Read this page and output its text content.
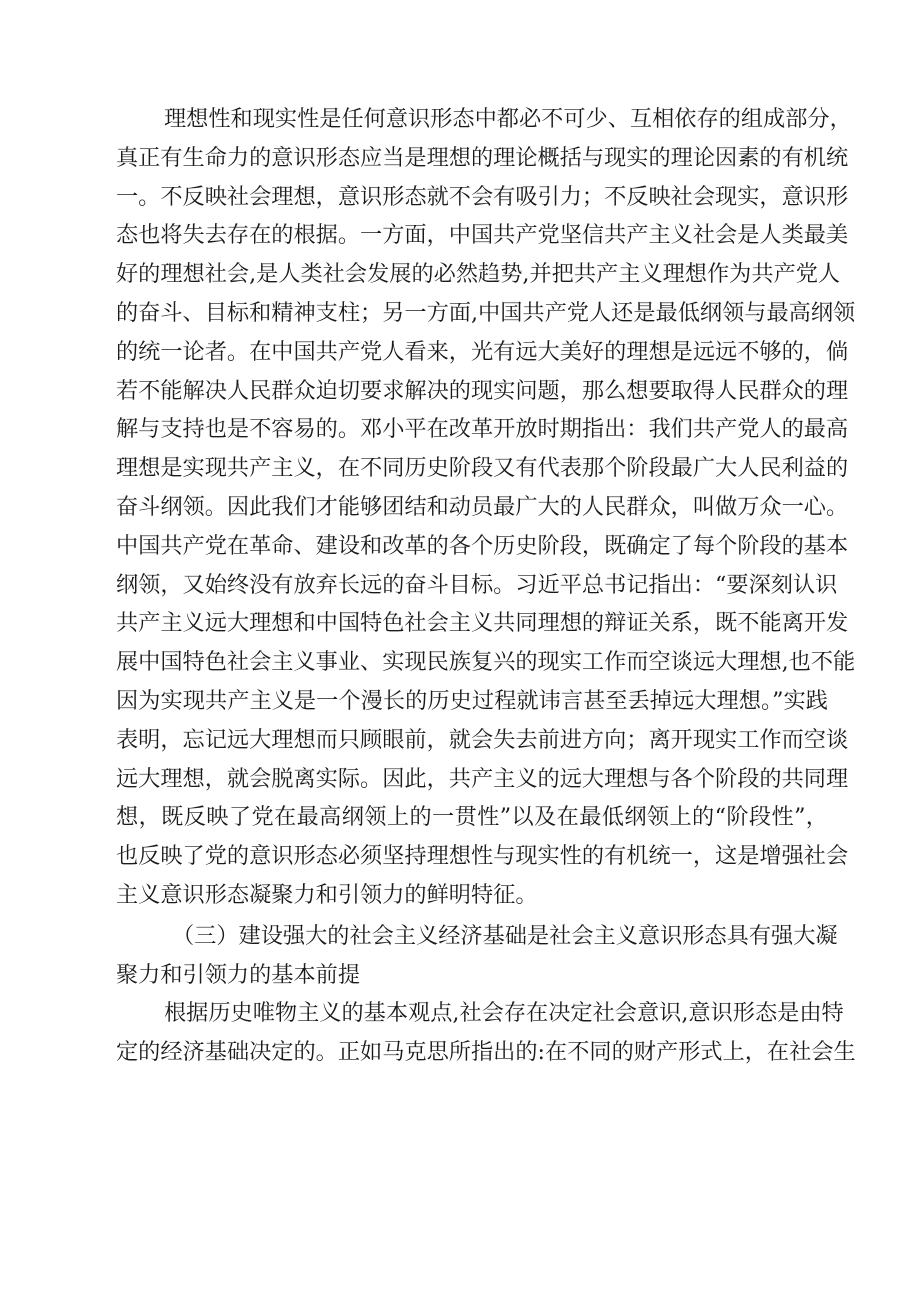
理想性和现实性是任何意识形态中都必不可少、互相依存的组成部分，
真正有生命力的意识形态应当是理想的理论概括与现实的理论因素的有机统
一。不反映社会理想，意识形态就不会有吸引力；不反映社会现实，意识形
态也将失去存在的根据。一方面，中国共产党坚信共产主义社会是人类最美
好的理想社会,是人类社会发展的必然趋势,并把共产主义理想作为共产党人
的奋斗、目标和精神支柱；另一方面,中国共产党人还是最低纲领与最高纲领
的统一论者。在中国共产党人看来，光有远大美好的理想是远远不够的，倘
若不能解决人民群众迫切要求解决的现实问题，那么想要取得人民群众的理
解与支持也是不容易的。邓小平在改革开放时期指出：我们共产党人的最高
理想是实现共产主义，在不同历史阶段又有代表那个阶段最广大人民利益的
奋斗纲领。因此我们才能够团结和动员最广大的人民群众，叫做万众一心。
中国共产党在革命、建设和改革的各个历史阶段，既确定了每个阶段的基本
纲领，又始终没有放弃长远的奋斗目标。习近平总书记指出：“要深刻认识
共产主义远大理想和中国特色社会主义共同理想的辩证关系，既不能离开发
展中国特色社会主义事业、实现民族复兴的现实工作而空谈远大理想,也不能
因为实现共产主义是一个漫长的历史过程就讳言甚至丢掉远大理想。”实践
表明，忘记远大理想而只顾眼前，就会失去前进方向；离开现实工作而空谈
远大理想，就会脱离实际。因此，共产主义的远大理想与各个阶段的共同理
想，既反映了党在最高纲领上的一贯性”以及在最低纲领上的“阶段性”，
也反映了党的意识形态必须坚持理想性与现实性的有机统一，这是增强社会
主义意识形态凝聚力和引领力的鲜明特征。
（三）建设强大的社会主义经济基础是社会主义意识形态具有强大凝
聚力和引领力的基本前提
根据历史唯物主义的基本观点,社会存在决定社会意识,意识形态是由特
定的经济基础决定的。正如马克思所指出的:在不同的财产形式上，在社会生
